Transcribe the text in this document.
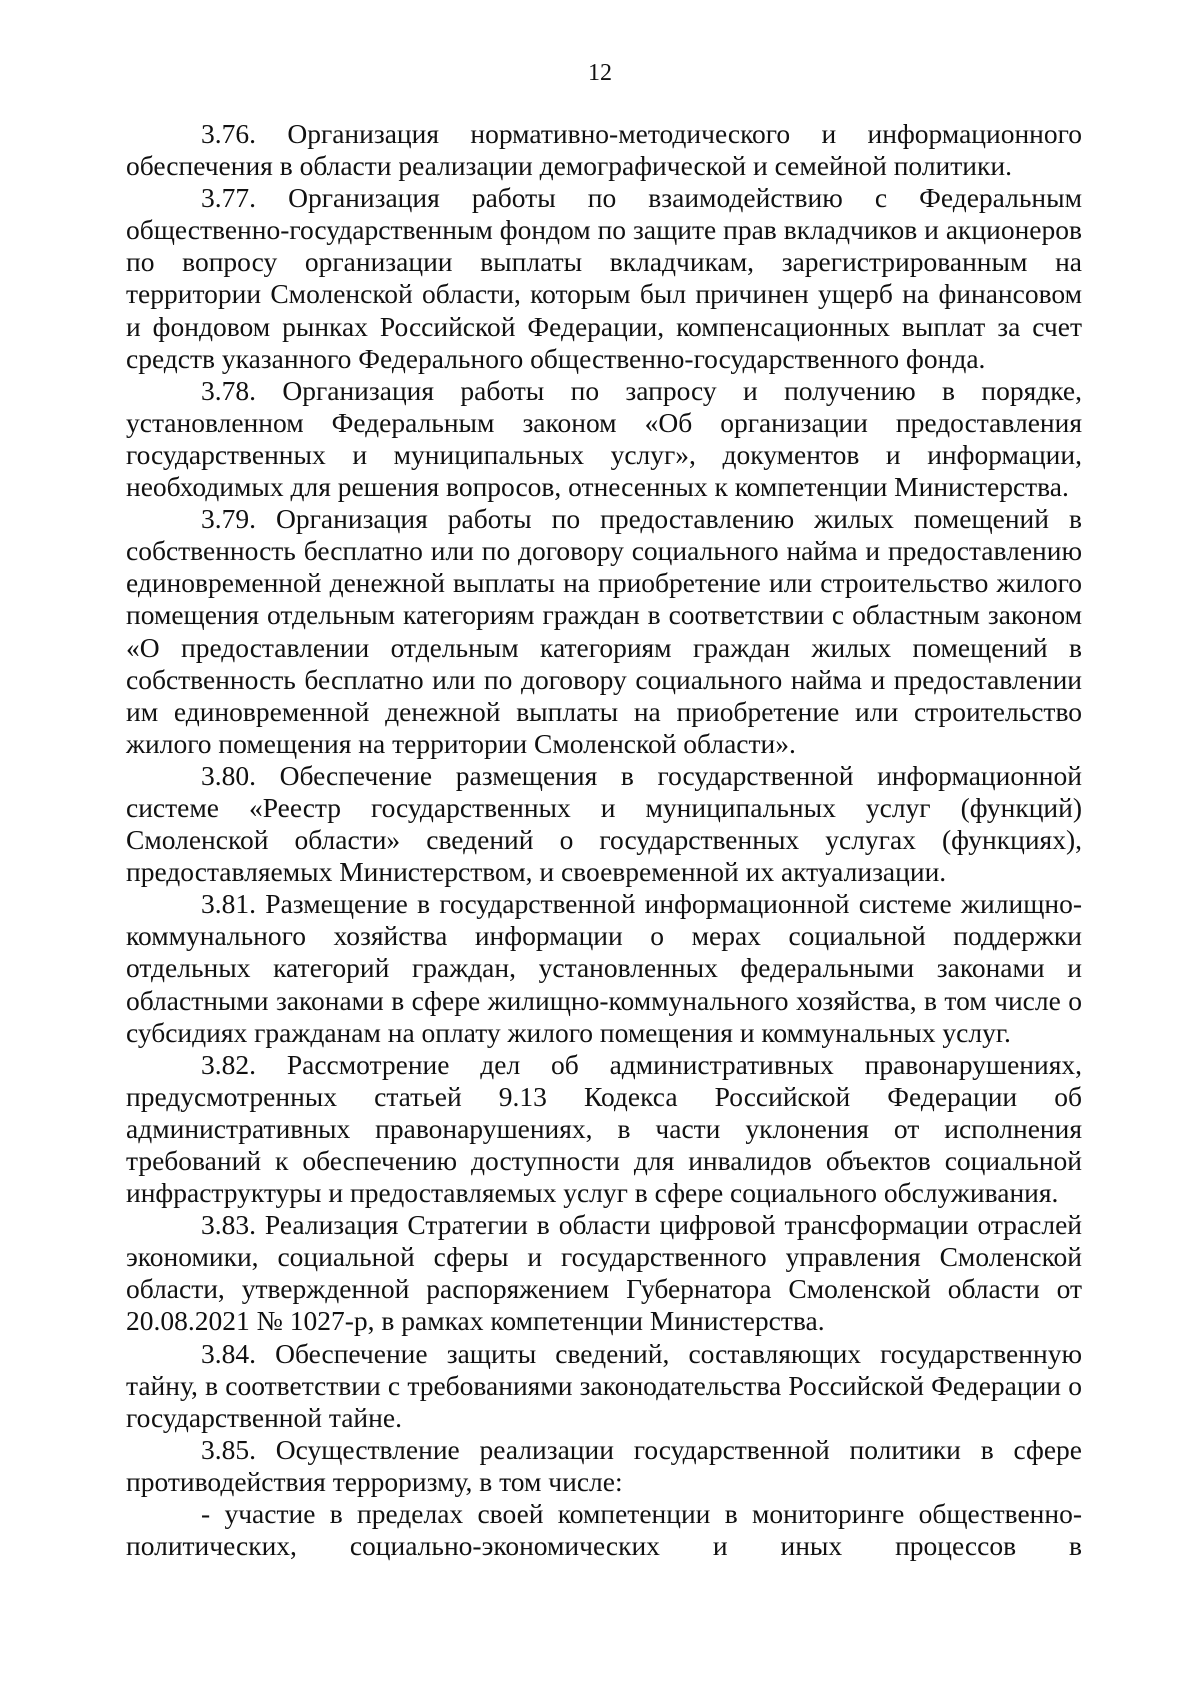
12

3.76. Организация нормативно-методического и информационного обеспечения в области реализации демографической и семейной политики.

3.77. Организация работы по взаимодействию с Федеральным общественно-государственным фондом по защите прав вкладчиков и акционеров по вопросу организации выплаты вкладчикам, зарегистрированным на территории Смоленской области, которым был причинен ущерб на финансовом и фондовом рынках Российской Федерации, компенсационных выплат за счет средств указанного Федерального общественно-государственного фонда.

3.78. Организация работы по запросу и получению в порядке, установленном Федеральным законом «Об организации предоставления государственных и муниципальных услуг», документов и информации, необходимых для решения вопросов, отнесенных к компетенции Министерства.

3.79. Организация работы по предоставлению жилых помещений в собственность бесплатно или по договору социального найма и предоставлению единовременной денежной выплаты на приобретение или строительство жилого помещения отдельным категориям граждан в соответствии с областным законом «О предоставлении отдельным категориям граждан жилых помещений в собственность бесплатно или по договору социального найма и предоставлении им единовременной денежной выплаты на приобретение или строительство жилого помещения на территории Смоленской области».

3.80. Обеспечение размещения в государственной информационной системе «Реестр государственных и муниципальных услуг (функций) Смоленской области» сведений о государственных услугах (функциях), предоставляемых Министерством, и своевременной их актуализации.

3.81. Размещение в государственной информационной системе жилищно-коммунального хозяйства информации о мерах социальной поддержки отдельных категорий граждан, установленных федеральными законами и областными законами в сфере жилищно-коммунального хозяйства, в том числе о субсидиях гражданам на оплату жилого помещения и коммунальных услуг.

3.82. Рассмотрение дел об административных правонарушениях, предусмотренных статьей 9.13 Кодекса Российской Федерации об административных правонарушениях, в части уклонения от исполнения требований к обеспечению доступности для инвалидов объектов социальной инфраструктуры и предоставляемых услуг в сфере социального обслуживания.

3.83. Реализация Стратегии в области цифровой трансформации отраслей экономики, социальной сферы и государственного управления Смоленской области, утвержденной распоряжением Губернатора Смоленской области от 20.08.2021 № 1027-р, в рамках компетенции Министерства.

3.84. Обеспечение защиты сведений, составляющих государственную тайну, в соответствии с требованиями законодательства Российской Федерации о государственной тайне.

3.85. Осуществление реализации государственной политики в сфере противодействия терроризму, в том числе:

- участие в пределах своей компетенции в мониторинге общественно-политических, социально-экономических и иных процессов в
